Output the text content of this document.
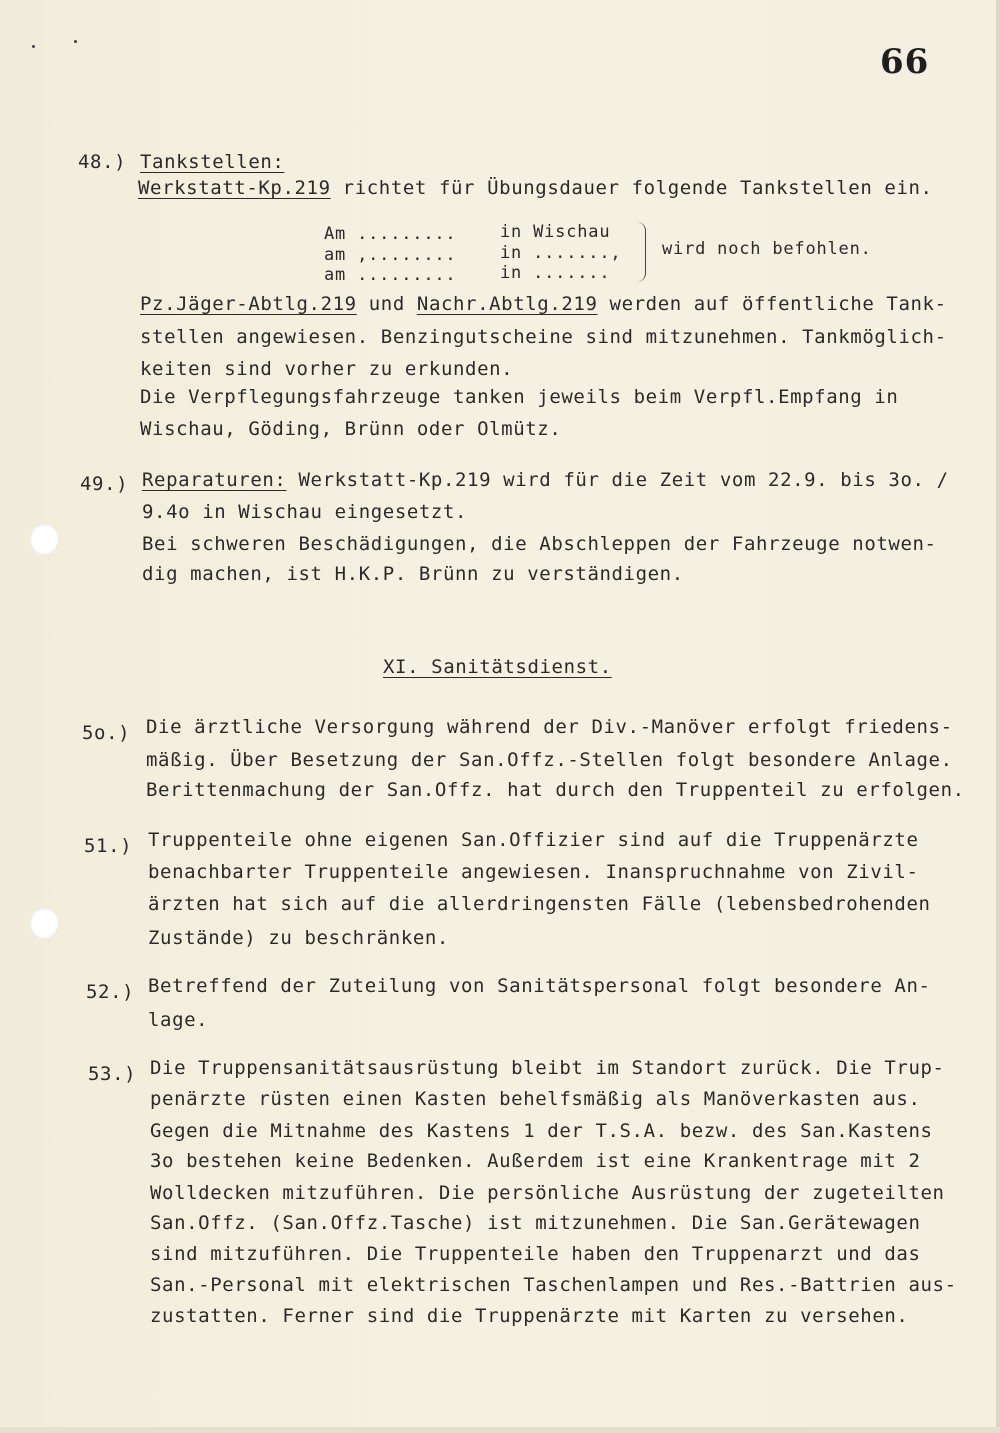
66
48.) Tankstellen:
Werkstatt-Kp.219 richtet für Übungsdauer folgende Tankstellen ein.
Am .........	in Wischau
am ,........	in .......,
am .........	in .......
wird noch befohlen.
Pz.Jäger-Abtlg.219 und Nachr.Abtlg.219 werden auf öffentliche Tank-
stellen angewiesen. Benzingutscheine sind mitzunehmen. Tankmöglich-
keiten sind vorher zu erkunden.
Die Verpflegungsfahrzeuge tanken jeweils beim Verpfl.Empfang in
Wischau, Göding, Brünn oder Olmütz.
49.) Reparaturen: Werkstatt-Kp.219 wird für die Zeit vom 22.9. bis 3o. /
9.4o in Wischau eingesetzt.
Bei schweren Beschädigungen, die Abschleppen der Fahrzeuge notwen-
dig machen, ist H.K.P. Brünn zu verständigen.
XI. Sanitätsdienst.
5o.) Die ärztliche Versorgung während der Div.-Manöver erfolgt friedens-
mäßig. Über Besetzung der San.Offz.-Stellen folgt besondere Anlage.
Berittenmachung der San.Offz. hat durch den Truppenteil zu erfolgen.
51.) Truppenteile ohne eigenen San.Offizier sind auf die Truppenärzte
benachbarter Truppenteile angewiesen. Inanspruchnahme von Zivil-
ärzten hat sich auf die allerdringensten Fälle (lebensbedrohenden
Zustände) zu beschränken.
52.) Betreffend der Zuteilung von Sanitätspersonal folgt besondere An-
lage.
53.) Die Truppensanitätsausrüstung bleibt im Standort zurück. Die Trup-
penärzte rüsten einen Kasten behelfsmäßig als Manöverkasten aus.
Gegen die Mitnahme des Kastens 1 der T.S.A. bezw. des San.Kastens
3o bestehen keine Bedenken. Außerdem ist eine Krankentrage mit 2
Wolldecken mitzuführen. Die persönliche Ausrüstung der zugeteilten
San.Offz. (San.Offz.Tasche) ist mitzunehmen. Die San.Gerätewagen
sind mitzuführen. Die Truppenteile haben den Truppenarzt und das
San.-Personal mit elektrischen Taschenlampen und Res.-Battrien aus-
zustatten. Ferner sind die Truppenärzte mit Karten zu versehen.
